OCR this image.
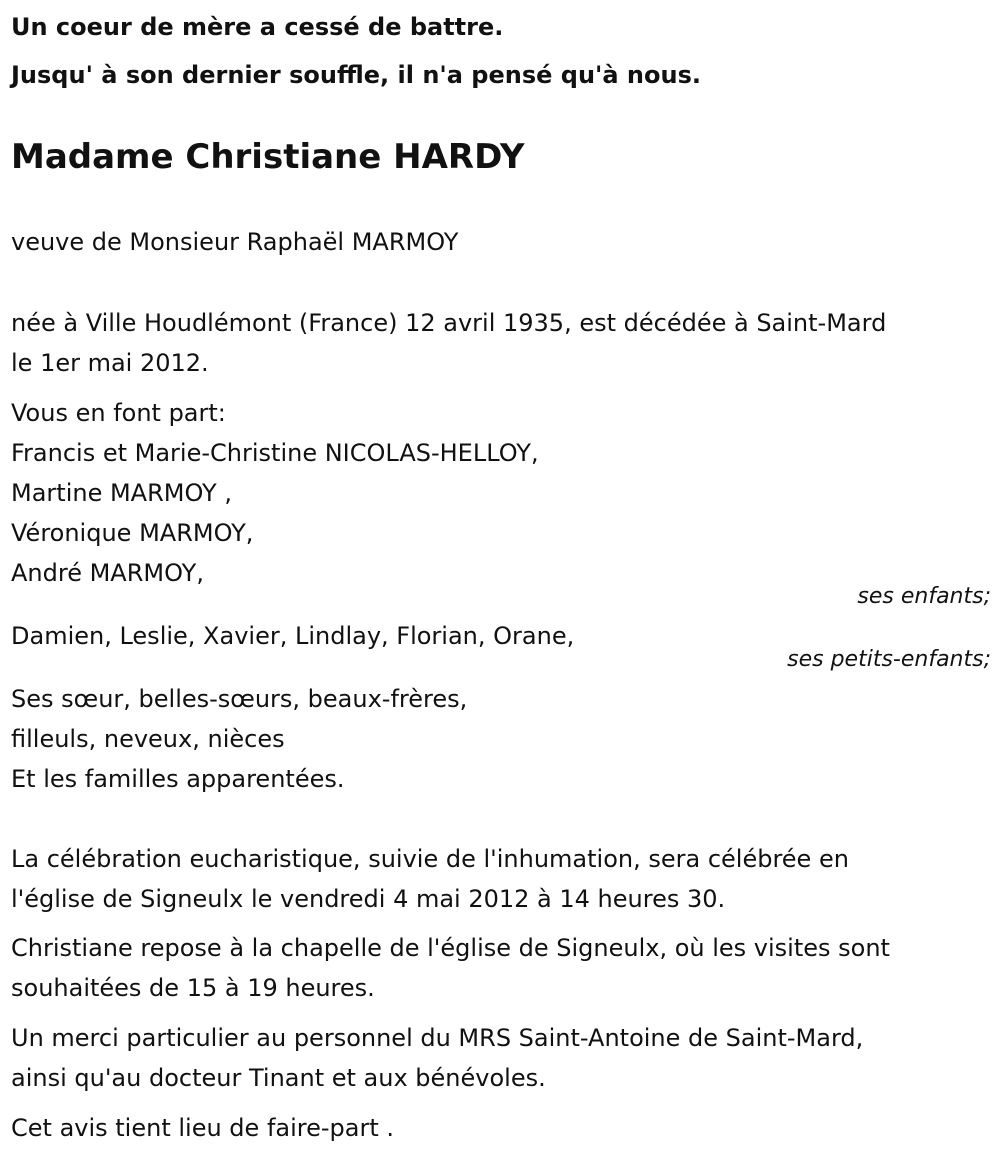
Un coeur de mère a cessé de battre.
Jusqu' à son dernier souffle, il n'a pensé qu'à nous.
Madame Christiane HARDY
veuve de Monsieur Raphaël MARMOY
née à Ville Houdlémont (France) 12 avril 1935, est décédée à Saint-Mard
le 1er mai 2012.
Vous en font part:
Francis et Marie-Christine NICOLAS-HELLOY,
Martine MARMOY ,
Véronique MARMOY,
André MARMOY,
ses enfants;
Damien, Leslie, Xavier, Lindlay, Florian, Orane,
ses petits-enfants;
Ses sœur, belles-sœurs, beaux-frères,
filleuls, neveux, nièces
Et les familles apparentées.
La célébration eucharistique, suivie de l'inhumation, sera célébrée en
l'église de Signeulx le vendredi 4 mai 2012 à 14 heures 30.
Christiane repose à la chapelle de l'église de Signeulx, où les visites sont
souhaitées de 15 à 19 heures.
Un merci particulier au personnel du MRS Saint-Antoine de Saint-Mard,
ainsi qu'au docteur Tinant et aux bénévoles.
Cet avis tient lieu de faire-part .
